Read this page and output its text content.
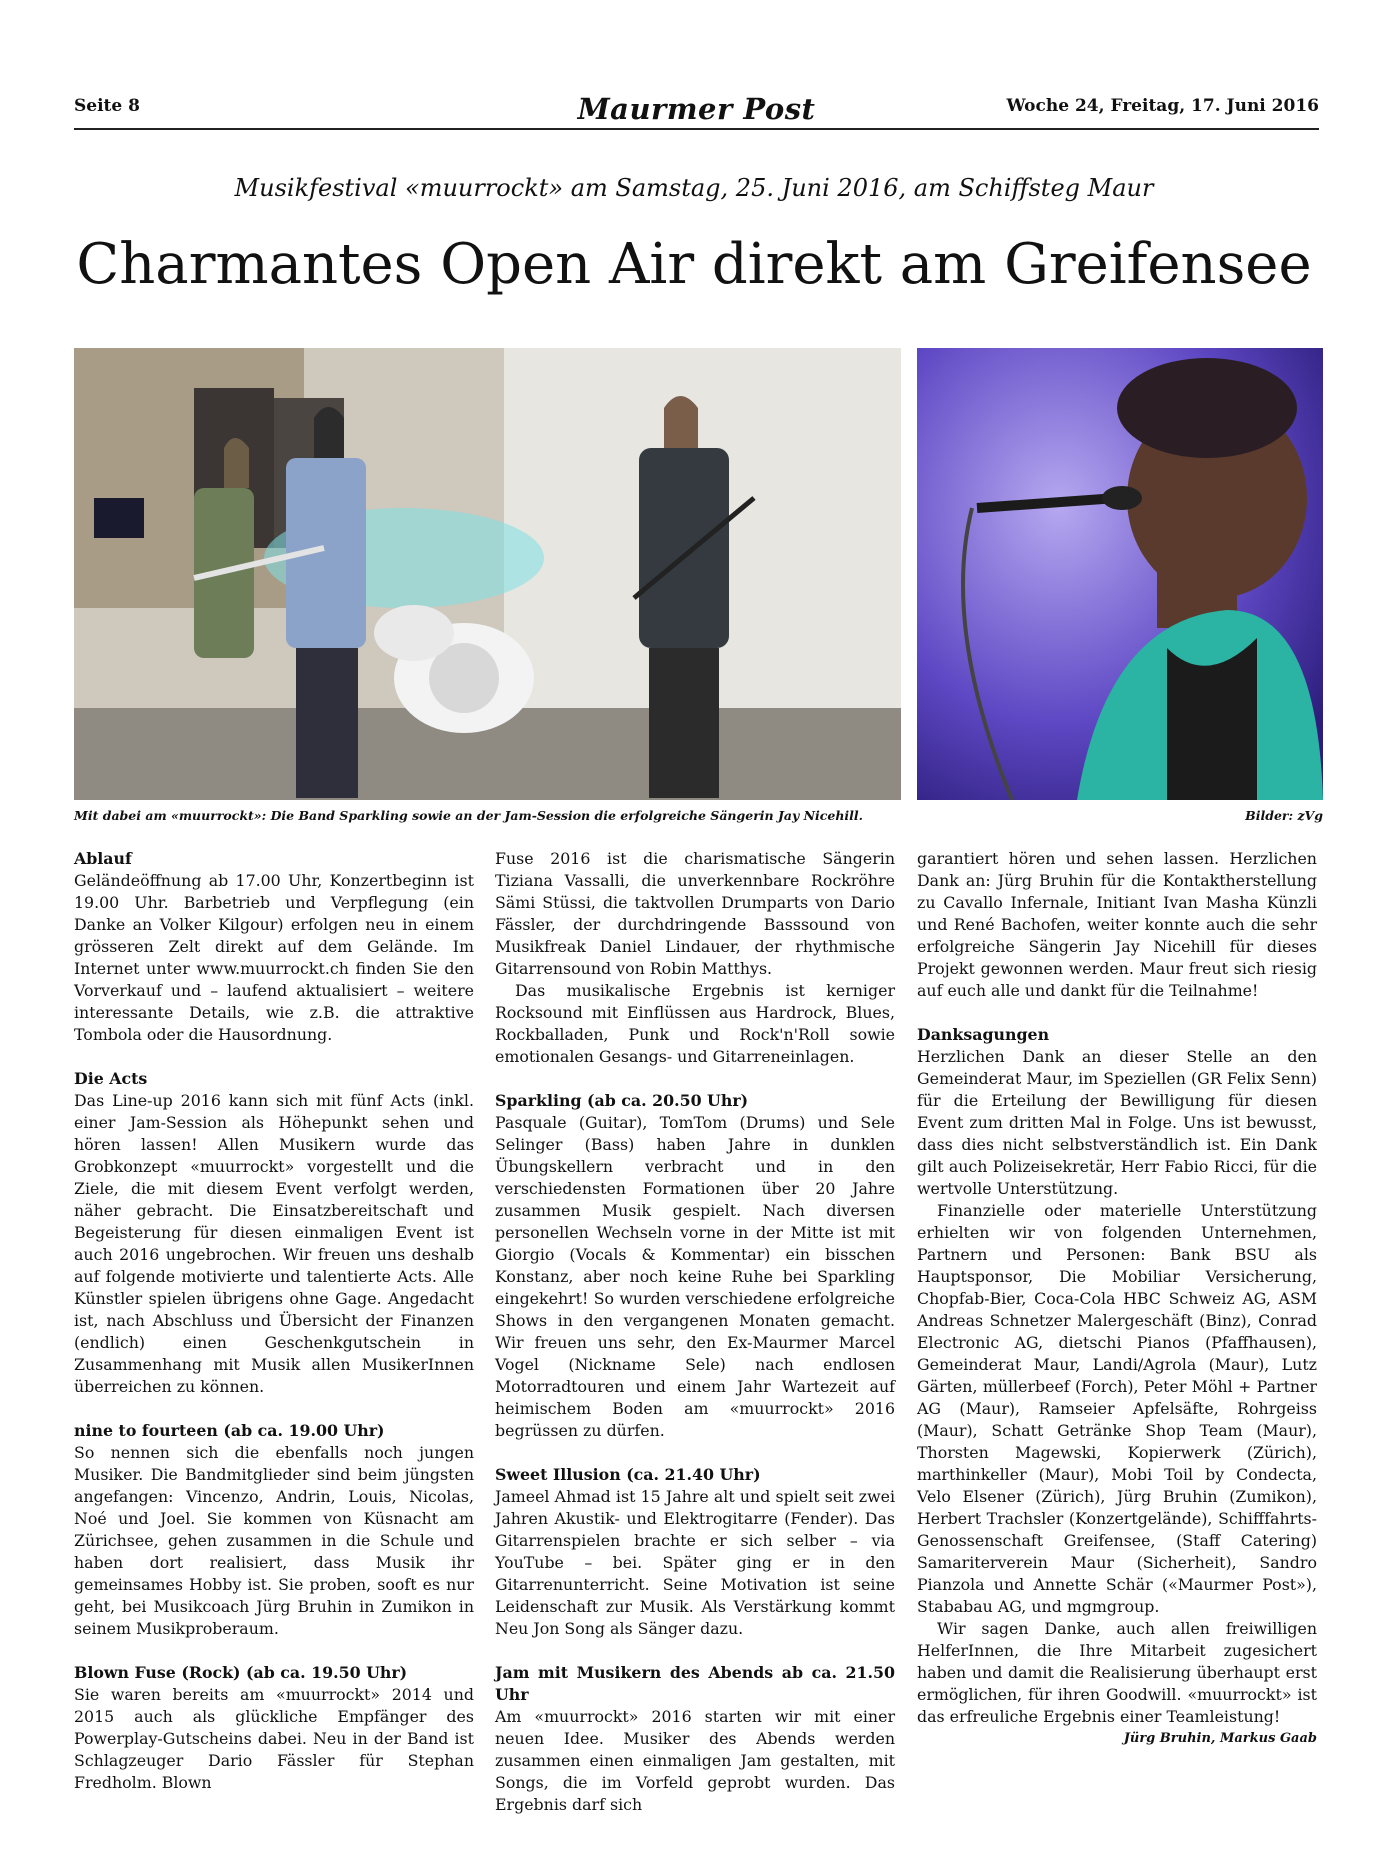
Seite 8	Maurmer Post	Woche 24, Freitag, 17. Juni 2016
Musikfestival «muurrockt» am Samstag, 25. Juni 2016, am Schiffsteg Maur
Charmantes Open Air direkt am Greifensee
Mit dabei am «muurrockt»: Die Band Sparkling sowie an der Jam-Session die erfolgreiche Sängerin Jay Nicehill.	Bilder: zVg
Ablauf

Geländeöffnung ab 17.00 Uhr, Konzertbeginn ist 19.00 Uhr. Barbetrieb und Verpflegung (ein Danke an Volker Kilgour) erfolgen neu in einem grösseren Zelt direkt auf dem Gelände. Im Internet unter www.muurrockt.ch finden Sie den Vorverkauf und – laufend aktualisiert – weitere interessante Details, wie z.B. die attraktive Tombola oder die Hausordnung.

Die Acts

Das Line-up 2016 kann sich mit fünf Acts (inkl. einer Jam-Session als Höhepunkt sehen und hören lassen! Allen Musikern wurde das Grobkonzept «muurrockt» vorgestellt und die Ziele, die mit diesem Event verfolgt werden, näher gebracht. Die Einsatzbereitschaft und Begeisterung für diesen einmaligen Event ist auch 2016 ungebrochen. Wir freuen uns deshalb auf folgende motivierte und talentierte Acts. Alle Künstler spielen übrigens ohne Gage. Angedacht ist, nach Abschluss und Übersicht der Finanzen (endlich) einen Geschenkgutschein in Zusammenhang mit Musik allen MusikerInnen überreichen zu können.

nine to fourteen (ab ca. 19.00 Uhr)

So nennen sich die ebenfalls noch jungen Musiker. Die Bandmitglieder sind beim jüngsten angefangen: Vincenzo, Andrin, Louis, Nicolas, Noé und Joel. Sie kommen von Küsnacht am Zürichsee, gehen zusammen in die Schule und haben dort realisiert, dass Musik ihr gemeinsames Hobby ist. Sie proben, sooft es nur geht, bei Musikcoach Jürg Bruhin in Zumikon in seinem Musikproberaum.

Blown Fuse (Rock) (ab ca. 19.50 Uhr)

Sie waren bereits am «muurrockt» 2014 und 2015 auch als glückliche Empfänger des Powerplay-Gutscheins dabei. Neu in der Band ist Schlagzeuger Dario Fässler für Stephan Fredholm. Blown

Fuse 2016 ist die charismatische Sängerin Tiziana Vassalli, die unverkennbare Rockröhre Sämi Stüssi, die taktvollen Drumparts von Dario Fässler, der durchdringende Basssound von Musikfreak Daniel Lindauer, der rhythmische Gitarrensound von Robin Matthys.

Das musikalische Ergebnis ist kerniger Rocksound mit Einflüssen aus Hardrock, Blues, Rockballaden, Punk und Rock'n'Roll sowie emotionalen Gesangs- und Gitarreneinlagen.

Sparkling (ab ca. 20.50 Uhr)

Pasquale (Guitar), TomTom (Drums) und Sele Selinger (Bass) haben Jahre in dunklen Übungskellern verbracht und in den verschiedensten Formationen über 20 Jahre zusammen Musik gespielt. Nach diversen personellen Wechseln vorne in der Mitte ist mit Giorgio (Vocals & Kommentar) ein bisschen Konstanz, aber noch keine Ruhe bei Sparkling eingekehrt! So wurden verschiedene erfolgreiche Shows in den vergangenen Monaten gemacht. Wir freuen uns sehr, den Ex-Maurmer Marcel Vogel (Nickname Sele) nach endlosen Motorradtouren und einem Jahr Wartezeit auf heimischem Boden am «muurrockt» 2016 begrüssen zu dürfen.

Sweet Illusion (ca. 21.40 Uhr)

Jameel Ahmad ist 15 Jahre alt und spielt seit zwei Jahren Akustik- und Elektrogitarre (Fender). Das Gitarrenspielen brachte er sich selber – via YouTube – bei. Später ging er in den Gitarrenunterricht. Seine Motivation ist seine Leidenschaft zur Musik. Als Verstärkung kommt Neu Jon Song als Sänger dazu.

Jam mit Musikern des Abends ab ca. 21.50 Uhr

Am «muurrockt» 2016 starten wir mit einer neuen Idee. Musiker des Abends werden zusammen einen einmaligen Jam gestalten, mit Songs, die im Vorfeld geprobt wurden. Das Ergebnis darf sich

garantiert hören und sehen lassen. Herzlichen Dank an: Jürg Bruhin für die Kontaktherstellung zu Cavallo Infernale, Initiant Ivan Masha Künzli und René Bachofen, weiter konnte auch die sehr erfolgreiche Sängerin Jay Nicehill für dieses Projekt gewonnen werden. Maur freut sich riesig auf euch alle und dankt für die Teilnahme!

Danksagungen
Herzlichen Dank an dieser Stelle an den Gemeinderat Maur, im Speziellen (GR Felix Senn) für die Erteilung der Bewilligung für diesen Event zum dritten Mal in Folge. Uns ist bewusst, dass dies nicht selbstverständlich ist. Ein Dank gilt auch Polizeisekretär, Herr Fabio Ricci, für die wertvolle Unterstützung.
Finanzielle oder materielle Unterstützung erhielten wir von folgenden Unternehmen, Partnern und Personen: Bank BSU als Hauptsponsor, Die Mobiliar Versicherung, Chopfab-Bier, Coca-Cola HBC Schweiz AG, ASM Andreas Schnetzer Malergeschäft (Binz), Conrad Electronic AG, dietschi Pianos (Pfaffhausen), Gemeinderat Maur, Landi/Agrola (Maur), Lutz Gärten, müllerbeef (Forch), Peter Möhl + Partner AG (Maur), Ramseier Apfelsäfte, Rohrgeiss (Maur), Schatt Getränke Shop Team (Maur), Thorsten Magewski, Kopierwerk (Zürich), marthinkeller (Maur), Mobi Toil by Condecta, Velo Elsener (Zürich), Jürg Bruhin (Zumikon), Herbert Trachsler (Konzertgelände), Schifffahrts-Genossenschaft Greifensee, (Staff Catering) Samariterverein Maur (Sicherheit), Sandro Pianzola und Annette Schär («Maurmer Post»), Stababau AG, und mgmgroup.
Wir sagen Danke, auch allen freiwilligen HelferInnen, die Ihre Mitarbeit zugesichert haben und damit die Realisierung überhaupt erst ermöglichen, für ihren Goodwill. «muurrockt» ist das erfreuliche Ergebnis einer Teamleistung!
Jürg Bruhin, Markus Gaab
